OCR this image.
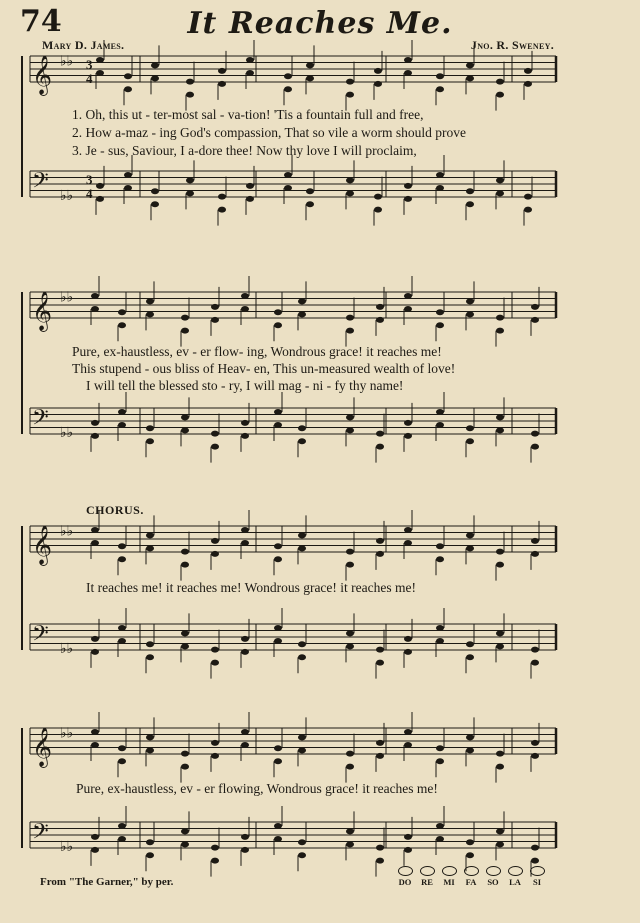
74	It Reaches Me.
Mary D. James.	Jno. R. Sweney.
𝄞
𝄢
♭♭
♭♭
3
4
3
4
𝄞
𝄢
♭♭
♭♭
𝄞
𝄢
♭♭
♭♭
𝄞
𝄢
♭♭
♭♭
1. Oh, this ut - ter-most sal - va-tion! 'Tis a fountain full and free,
2. How a-maz - ing God's compassion, That so vile a worm should prove
3. Je - sus, Saviour, I a-dore thee! Now thy love I will proclaim,
Pure, ex-haustless, ev - er flow- ing, Wondrous grace! it reaches me!
This stupend - ous bliss of Heav- en, This un-measured wealth of love!
I will tell the blessed sto - ry, I will mag - ni - fy thy name!
CHORUS.
It reaches me! it reaches me! Wondrous grace! it reaches me!
Pure, ex-haustless, ev - er flowing, Wondrous grace! it reaches me!
From "The Garner," by per.	DO	RE	MI	FA	SO	LA	SI
